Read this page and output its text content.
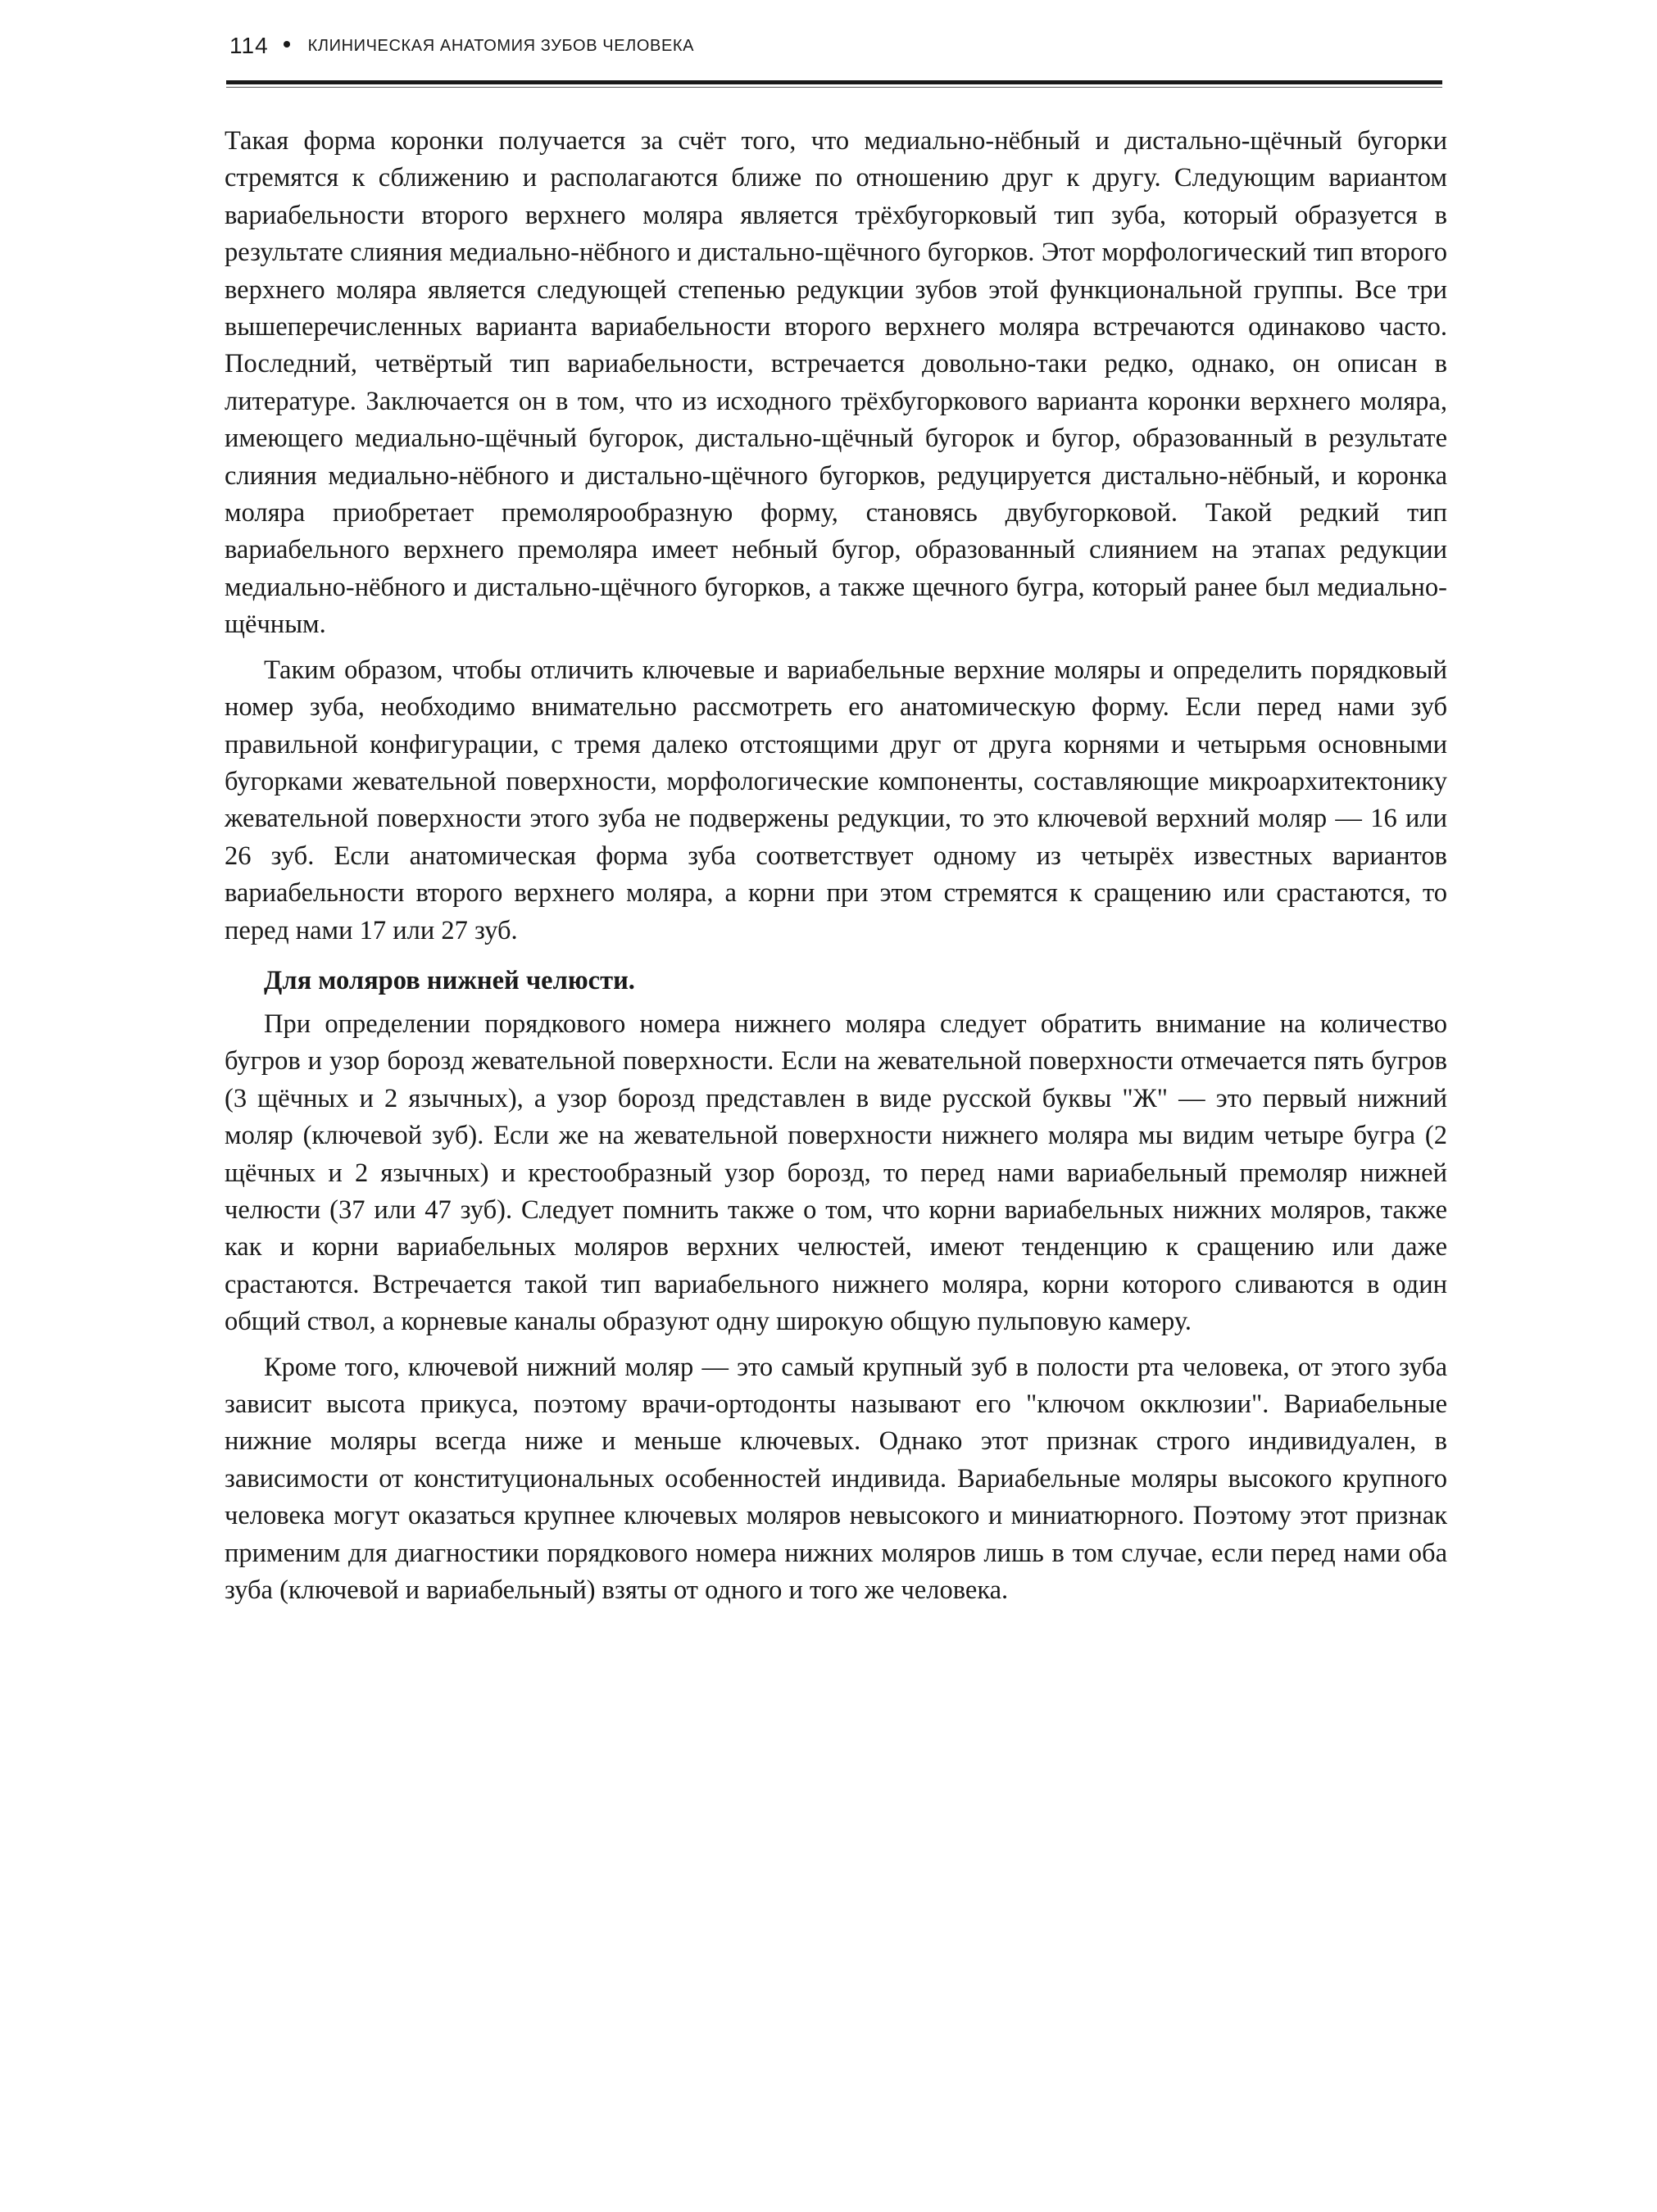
114 КЛИНИЧЕСКАЯ АНАТОМИЯ ЗУБОВ ЧЕЛОВЕКА

Такая форма коронки получается за счёт того, что медиально-нёбный и дистально-щёчный бугорки стремятся к сближению и располагаются ближе по отношению друг к другу. Следующим вариантом вариабельности второго верхнего моляра является трёхбугорковый тип зуба, который образуется в результате слияния медиально-нёбного и дистально-щёчного бугорков. Этот морфологический тип второго верхнего моляра является следующей степенью редукции зубов этой функциональной группы. Все три вышеперечисленных варианта вариабельности второго верхнего моляра встречаются одинаково часто. Последний, четвёртый тип вариабельности, встречается довольно-таки редко, однако, он описан в литературе. Заключается он в том, что из исходного трёхбугоркового варианта коронки верхнего моляра, имеющего медиально-щёчный бугорок, дистально-щёчный бугорок и бугор, образованный в результате слияния медиально-нёбного и дистально-щёчного бугорков, редуцируется дистально-нёбный, и коронка моляра приобретает премолярообразную форму, становясь двубугорковой. Такой редкий тип вариабельного верхнего премоляра имеет небный бугор, образованный слиянием на этапах редукции медиально-нёбного и дистально-щёчного бугорков, а также щечного бугра, который ранее был медиально-щёчным.

Таким образом, чтобы отличить ключевые и вариабельные верхние моляры и определить порядковый номер зуба, необходимо внимательно рассмотреть его анатомическую форму. Если перед нами зуб правильной конфигурации, с тремя далеко отстоящими друг от друга корнями и четырьмя основными бугорками жевательной поверхности, морфологические компоненты, составляющие микроархитектонику жевательной поверхности этого зуба не подвержены редукции, то это ключевой верхний моляр — 16 или 26 зуб. Если анатомическая форма зуба соответствует одному из четырёх известных вариантов вариабельности второго верхнего моляра, а корни при этом стремятся к сращению или срастаются, то перед нами 17 или 27 зуб.

Для моляров нижней челюсти.

При определении порядкового номера нижнего моляра следует обратить внимание на количество бугров и узор борозд жевательной поверхности. Если на жевательной поверхности отмечается пять бугров (3 щёчных и 2 язычных), а узор борозд представлен в виде русской буквы "Ж" — это первый нижний моляр (ключевой зуб). Если же на жевательной поверхности нижнего моляра мы видим четыре бугра (2 щёчных и 2 язычных) и крестообразный узор борозд, то перед нами вариабельный премоляр нижней челюсти (37 или 47 зуб). Следует помнить также о том, что корни вариабельных нижних моляров, также как и корни вариабельных моляров верхних челюстей, имеют тенденцию к сращению или даже срастаются. Встречается такой тип вариабельного нижнего моляра, корни которого сливаются в один общий ствол, а корневые каналы образуют одну широкую общую пульповую камеру.

Кроме того, ключевой нижний моляр — это самый крупный зуб в полости рта человека, от этого зуба зависит высота прикуса, поэтому врачи-ортодонты называют его "ключом окклюзии". Вариабельные нижние моляры всегда ниже и меньше ключевых. Однако этот признак строго индивидуален, в зависимости от конституциональных особенностей индивида. Вариабельные моляры высокого крупного человека могут оказаться крупнее ключевых моляров невысокого и миниатюрного. Поэтому этот признак применим для диагностики порядкового номера нижних моляров лишь в том случае, если перед нами оба зуба (ключевой и вариабельный) взяты от одного и того же человека.
